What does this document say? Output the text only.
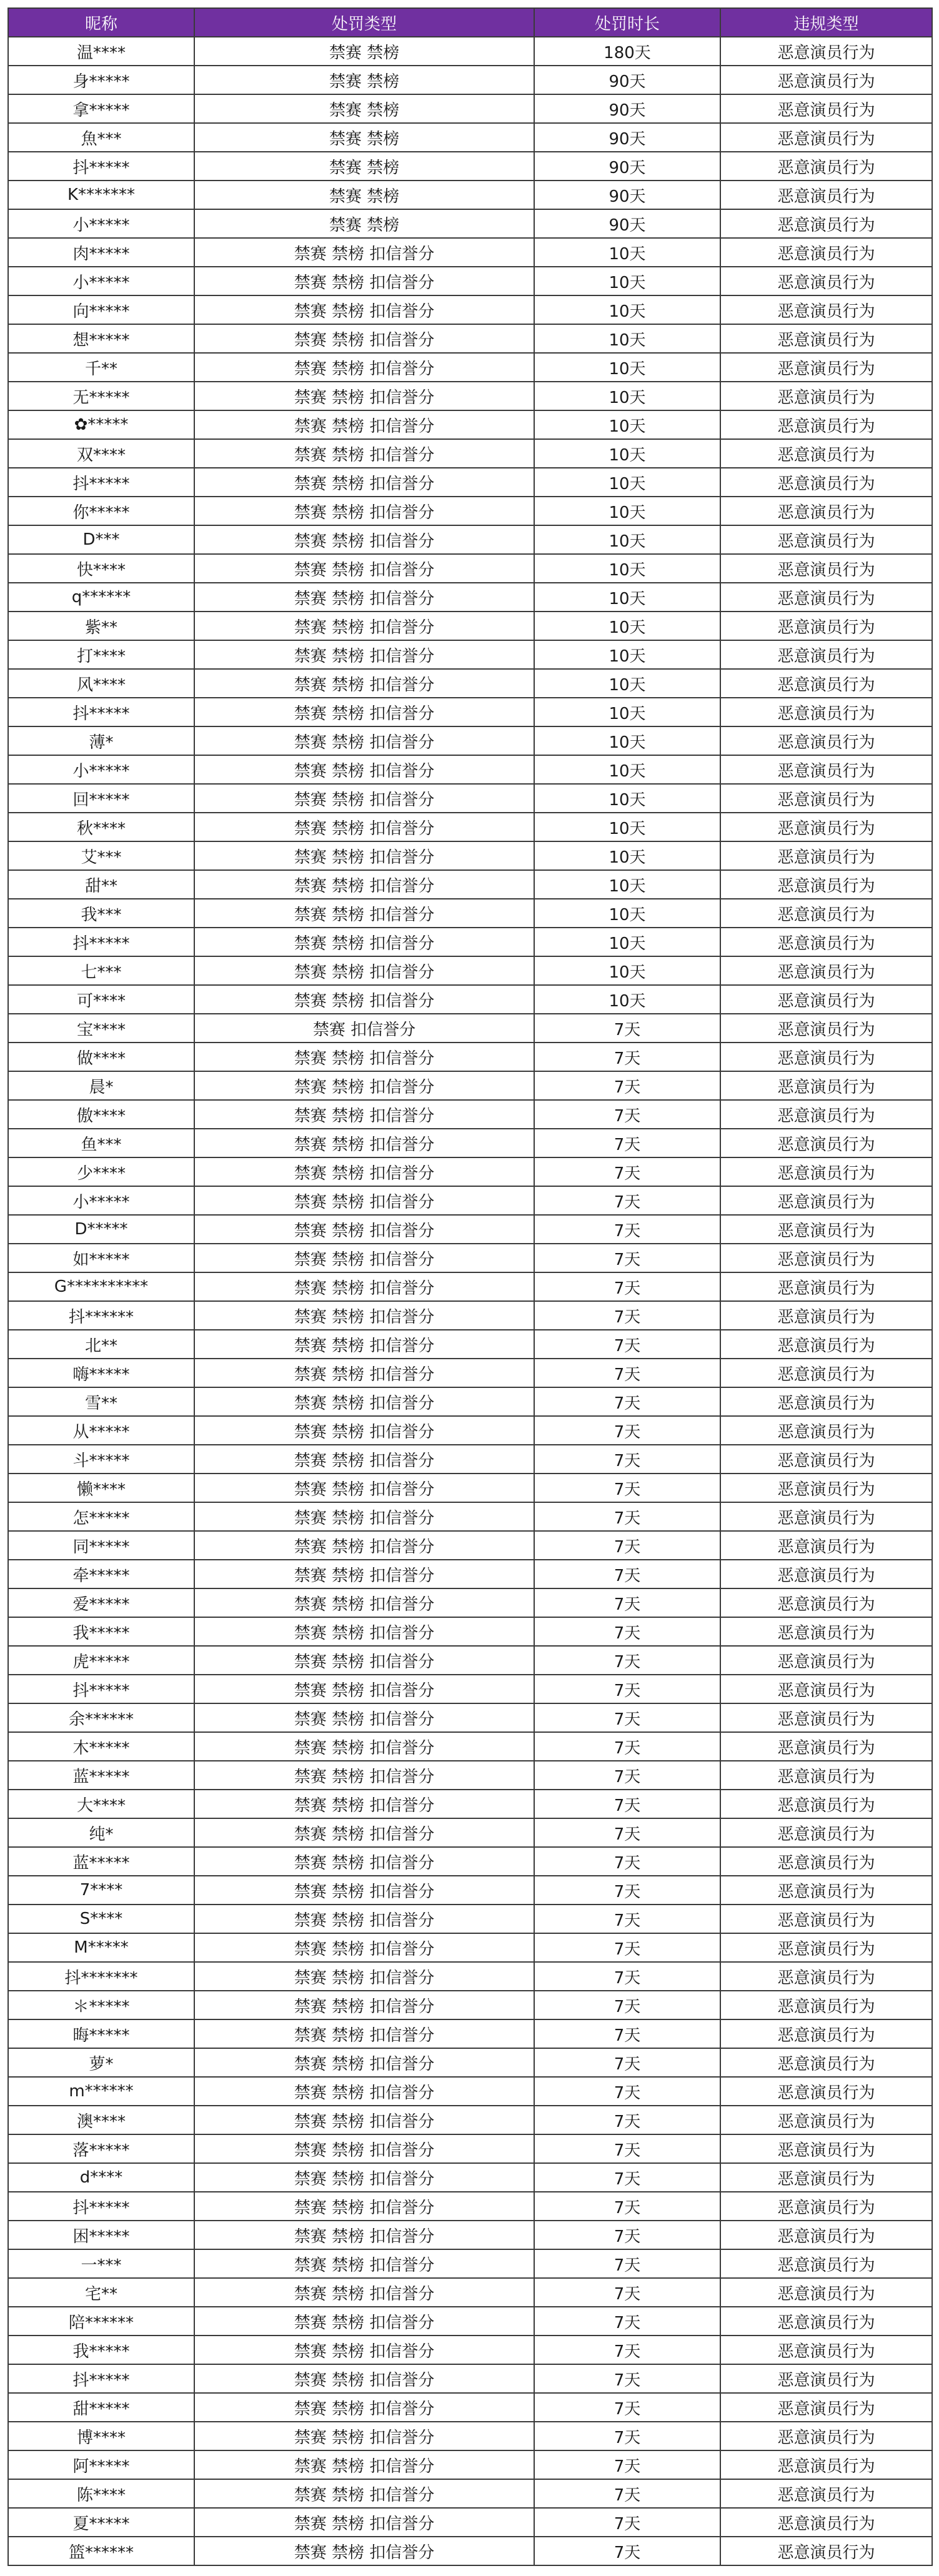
昵称	处罚类型	处罚时长	违规类型
温****	禁赛 禁榜	180天	恶意演员行为
身*****	禁赛 禁榜	90天	恶意演员行为
拿*****	禁赛 禁榜	90天	恶意演员行为
魚***	禁赛 禁榜	90天	恶意演员行为
抖*****	禁赛 禁榜	90天	恶意演员行为
K*******	禁赛 禁榜	90天	恶意演员行为
小*****	禁赛 禁榜	90天	恶意演员行为
肉*****	禁赛 禁榜 扣信誉分	10天	恶意演员行为
小*****	禁赛 禁榜 扣信誉分	10天	恶意演员行为
向*****	禁赛 禁榜 扣信誉分	10天	恶意演员行为
想*****	禁赛 禁榜 扣信誉分	10天	恶意演员行为
千**	禁赛 禁榜 扣信誉分	10天	恶意演员行为
无*****	禁赛 禁榜 扣信誉分	10天	恶意演员行为
✿*****	禁赛 禁榜 扣信誉分	10天	恶意演员行为
双****	禁赛 禁榜 扣信誉分	10天	恶意演员行为
抖*****	禁赛 禁榜 扣信誉分	10天	恶意演员行为
你*****	禁赛 禁榜 扣信誉分	10天	恶意演员行为
D***	禁赛 禁榜 扣信誉分	10天	恶意演员行为
快****	禁赛 禁榜 扣信誉分	10天	恶意演员行为
q******	禁赛 禁榜 扣信誉分	10天	恶意演员行为
紫**	禁赛 禁榜 扣信誉分	10天	恶意演员行为
打****	禁赛 禁榜 扣信誉分	10天	恶意演员行为
风****	禁赛 禁榜 扣信誉分	10天	恶意演员行为
抖*****	禁赛 禁榜 扣信誉分	10天	恶意演员行为
薄*	禁赛 禁榜 扣信誉分	10天	恶意演员行为
小*****	禁赛 禁榜 扣信誉分	10天	恶意演员行为
回*****	禁赛 禁榜 扣信誉分	10天	恶意演员行为
秋****	禁赛 禁榜 扣信誉分	10天	恶意演员行为
艾***	禁赛 禁榜 扣信誉分	10天	恶意演员行为
甜**	禁赛 禁榜 扣信誉分	10天	恶意演员行为
我***	禁赛 禁榜 扣信誉分	10天	恶意演员行为
抖*****	禁赛 禁榜 扣信誉分	10天	恶意演员行为
七***	禁赛 禁榜 扣信誉分	10天	恶意演员行为
可****	禁赛 禁榜 扣信誉分	10天	恶意演员行为
宝****	禁赛 扣信誉分	7天	恶意演员行为
做****	禁赛 禁榜 扣信誉分	7天	恶意演员行为
晨*	禁赛 禁榜 扣信誉分	7天	恶意演员行为
傲****	禁赛 禁榜 扣信誉分	7天	恶意演员行为
鱼***	禁赛 禁榜 扣信誉分	7天	恶意演员行为
少****	禁赛 禁榜 扣信誉分	7天	恶意演员行为
小*****	禁赛 禁榜 扣信誉分	7天	恶意演员行为
D*****	禁赛 禁榜 扣信誉分	7天	恶意演员行为
如*****	禁赛 禁榜 扣信誉分	7天	恶意演员行为
G**********	禁赛 禁榜 扣信誉分	7天	恶意演员行为
抖******	禁赛 禁榜 扣信誉分	7天	恶意演员行为
北**	禁赛 禁榜 扣信誉分	7天	恶意演员行为
嗨*****	禁赛 禁榜 扣信誉分	7天	恶意演员行为
雪**	禁赛 禁榜 扣信誉分	7天	恶意演员行为
从*****	禁赛 禁榜 扣信誉分	7天	恶意演员行为
斗*****	禁赛 禁榜 扣信誉分	7天	恶意演员行为
懒****	禁赛 禁榜 扣信誉分	7天	恶意演员行为
怎*****	禁赛 禁榜 扣信誉分	7天	恶意演员行为
同*****	禁赛 禁榜 扣信誉分	7天	恶意演员行为
牵*****	禁赛 禁榜 扣信誉分	7天	恶意演员行为
爱*****	禁赛 禁榜 扣信誉分	7天	恶意演员行为
我*****	禁赛 禁榜 扣信誉分	7天	恶意演员行为
虎*****	禁赛 禁榜 扣信誉分	7天	恶意演员行为
抖*****	禁赛 禁榜 扣信誉分	7天	恶意演员行为
余******	禁赛 禁榜 扣信誉分	7天	恶意演员行为
木*****	禁赛 禁榜 扣信誉分	7天	恶意演员行为
蓝*****	禁赛 禁榜 扣信誉分	7天	恶意演员行为
大****	禁赛 禁榜 扣信誉分	7天	恶意演员行为
纯*	禁赛 禁榜 扣信誉分	7天	恶意演员行为
蓝*****	禁赛 禁榜 扣信誉分	7天	恶意演员行为
7****	禁赛 禁榜 扣信誉分	7天	恶意演员行为
S****	禁赛 禁榜 扣信誉分	7天	恶意演员行为
M*****	禁赛 禁榜 扣信誉分	7天	恶意演员行为
抖*******	禁赛 禁榜 扣信誉分	7天	恶意演员行为
＊*****	禁赛 禁榜 扣信誉分	7天	恶意演员行为
晦*****	禁赛 禁榜 扣信誉分	7天	恶意演员行为
萝*	禁赛 禁榜 扣信誉分	7天	恶意演员行为
m******	禁赛 禁榜 扣信誉分	7天	恶意演员行为
澳****	禁赛 禁榜 扣信誉分	7天	恶意演员行为
落*****	禁赛 禁榜 扣信誉分	7天	恶意演员行为
d****	禁赛 禁榜 扣信誉分	7天	恶意演员行为
抖*****	禁赛 禁榜 扣信誉分	7天	恶意演员行为
困*****	禁赛 禁榜 扣信誉分	7天	恶意演员行为
一***	禁赛 禁榜 扣信誉分	7天	恶意演员行为
宅**	禁赛 禁榜 扣信誉分	7天	恶意演员行为
陪******	禁赛 禁榜 扣信誉分	7天	恶意演员行为
我*****	禁赛 禁榜 扣信誉分	7天	恶意演员行为
抖*****	禁赛 禁榜 扣信誉分	7天	恶意演员行为
甜*****	禁赛 禁榜 扣信誉分	7天	恶意演员行为
博****	禁赛 禁榜 扣信誉分	7天	恶意演员行为
阿*****	禁赛 禁榜 扣信誉分	7天	恶意演员行为
陈****	禁赛 禁榜 扣信誉分	7天	恶意演员行为
夏*****	禁赛 禁榜 扣信誉分	7天	恶意演员行为
篮******	禁赛 禁榜 扣信誉分	7天	恶意演员行为
